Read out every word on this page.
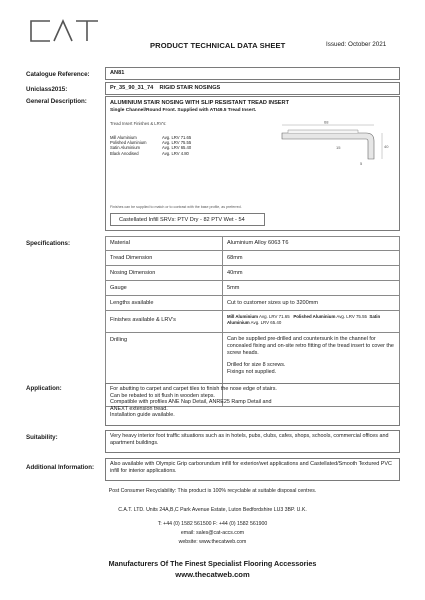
PRODUCT TECHNICAL DATA SHEET	Issued: October 2021
Catalogue Reference:	AN81
Uniclass2015:	Pr_35_90_31_74 RIGID STAIR NOSINGS
General Description:	ALUMINIUM STAIR NOSING WITH SLIP RESISTANT TREAD INSERT
Single Channel/Round Front. Supplied with ATI49.5 Tread Insert.
Tread Insert Finishes & LRV's:
Mill Aluminium	Avg. LRV 71.65
Polished Aluminium	Avg. LRV 75.55
Satin Aluminium	Avg. LRV 65.40
Black Anodised	Avg. LRV 4.80
Finishes can be supplied to match or to contrast with the base profile, as preferred.
68
40
15
5
Castellated Infill SRVs: PTV Dry - 82 PTV Wet - 54
Specifications:	Material	Aluminium Alloy 6063 T6
Tread Dimension	68mm
Nosing Dimension	40mm
Gauge	5mm
Lengths available	Cut to customer sizes up to 3200mm
Finishes available & LRV's	Mill Aluminium Avg. LRV 71.65 Polished Aluminium Avg. LRV 75.55 Satin Aluminium Avg. LRV 65.40
Drilling	Can be supplied pre-drilled and countersunk in the channel for concealed fixing and on-site retro fitting of the tread insert to cover the screw heads.
Drilled for size 8 screws.
Fixings not supplied.
Application:	For abutting to carpet and carpet tiles to finish the nose edge of stairs.
Can be rebated to sit flush in wooden steps.
Compatible with profiles ANE Nap Detail, ANRE25 Ramp Detail and
ANEXT extension tread.
Installation guide available.
Suitability:	Very heavy interior foot traffic situations such as in hotels, pubs, clubs, cafes, shops, schools, commercial offices and apartment buildings.
Additional Information:	Also available with Olympic Grip carborundum infill for exterior/wet applications and Castellated/Smooth Textured PVC infill for interior applications.
Post Consumer Recyclability: This product is 100% recyclable at suitable disposal centres.
C.A.T. LTD. Units 24A,B,C Park Avenue Estate, Luton Bedfordshire LU3 3BP. U.K.
T: +44 (0) 1582 561500 F: +44 (0) 1582 561900
email: sales@cat-accs.com
website: www.thecatweb.com
Manufacturers Of The Finest Specialist Flooring Accessories
www.thecatweb.com
